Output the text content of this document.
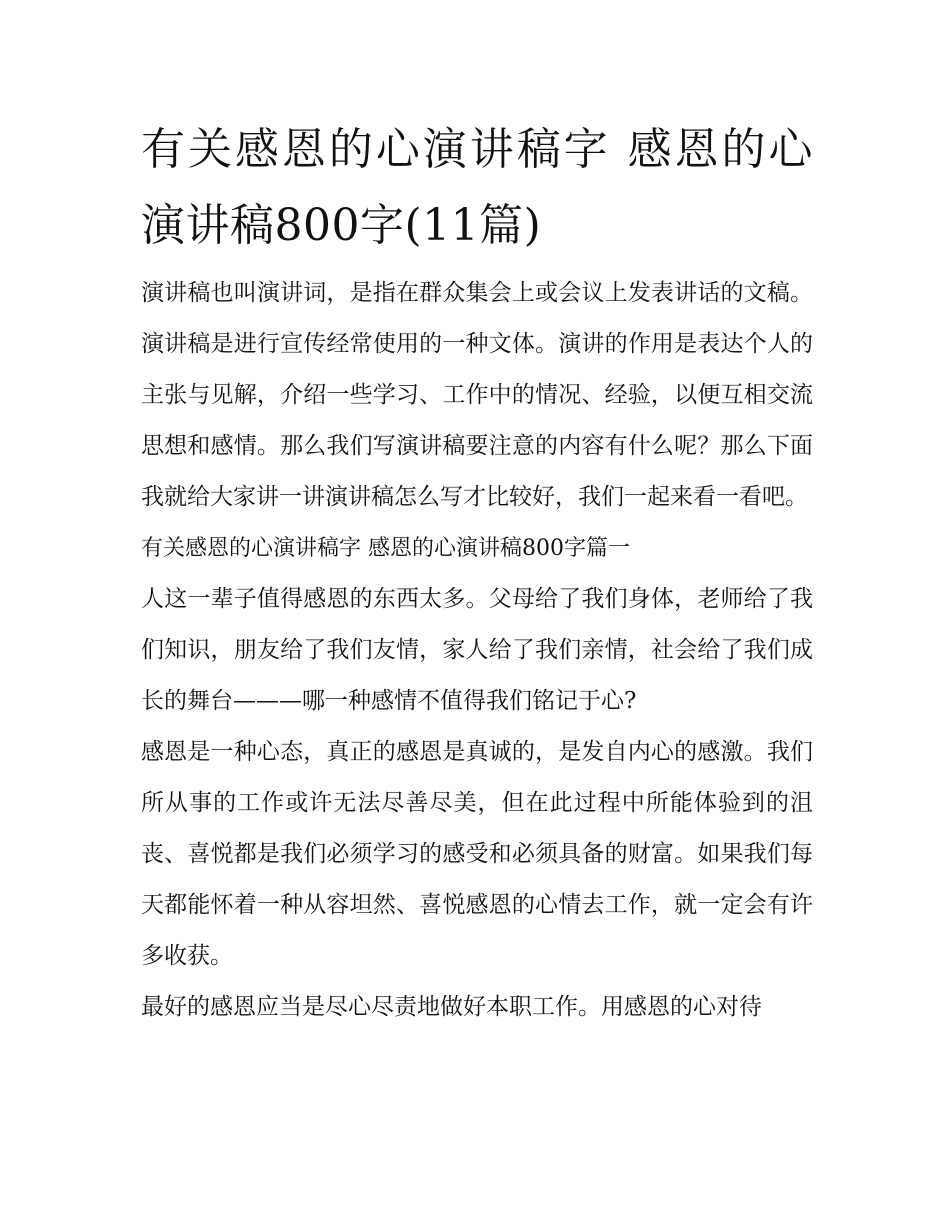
有关感恩的心演讲稿字 感恩的心演讲稿800字(11篇)

演讲稿也叫演讲词，是指在群众集会上或会议上发表讲话的文稿。演讲稿是进行宣传经常使用的一种文体。演讲的作用是表达个人的主张与见解，介绍一些学习、工作中的情况、经验，以便互相交流思想和感情。那么我们写演讲稿要注意的内容有什么呢？那么下面我就给大家讲一讲演讲稿怎么写才比较好，我们一起来看一看吧。

有关感恩的心演讲稿字 感恩的心演讲稿800字篇一

人这一辈子值得感恩的东西太多。父母给了我们身体，老师给了我们知识，朋友给了我们友情，家人给了我们亲情，社会给了我们成长的舞台———哪一种感情不值得我们铭记于心?

感恩是一种心态，真正的感恩是真诚的，是发自内心的感激。我们所从事的工作或许无法尽善尽美，但在此过程中所能体验到的沮丧、喜悦都是我们必须学习的感受和必须具备的财富。如果我们每天都能怀着一种从容坦然、喜悦感恩的心情去工作，就一定会有许多收获。

最好的感恩应当是尽心尽责地做好本职工作。用感恩的心对待
